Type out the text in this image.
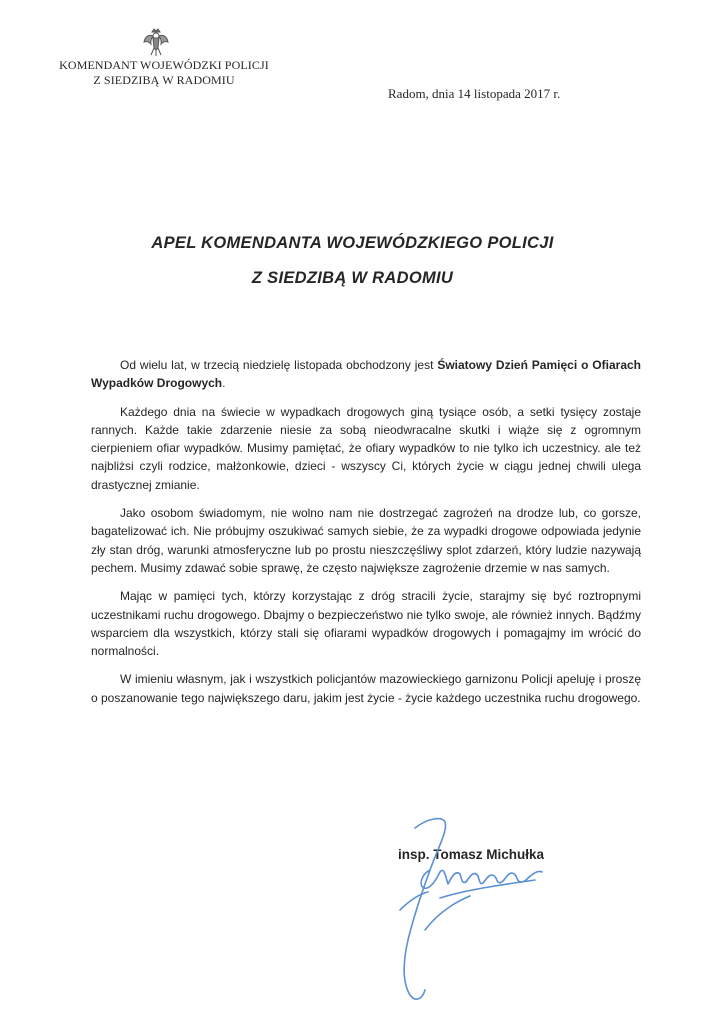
KOMENDANT WOJEWÓDZKI POLICJI
Z SIEDZIBĄ W RADOMIU
Radom, dnia 14 listopada 2017 r.
APEL KOMENDANTA WOJEWÓDZKIEGO POLICJI
Z SIEDZIBĄ W RADOMIU

Od wielu lat, w trzecią niedzielę listopada obchodzony jest Światowy Dzień Pamięci o Ofiarach Wypadków Drogowych.

Każdego dnia na świecie w wypadkach drogowych giną tysiące osób, a setki tysięcy zostaje rannych. Każde takie zdarzenie niesie za sobą nieodwracalne skutki i wiąże się z ogromnym cierpieniem ofiar wypadków. Musimy pamiętać, że ofiary wypadków to nie tylko ich uczestnicy. ale też najbliżsi czyli rodzice, małżonkowie, dzieci - wszyscy Ci, których życie w ciągu jednej chwili ulega drastycznej zmianie.

Jako osobom świadomym, nie wolno nam nie dostrzegać zagrożeń na drodze lub, co gorsze, bagatelizować ich. Nie próbujmy oszukiwać samych siebie, że za wypadki drogowe odpowiada jedynie zły stan dróg, warunki atmosferyczne lub po prostu nieszczęśliwy splot zdarzeń, który ludzie nazywają pechem. Musimy zdawać sobie sprawę, że często największe zagrożenie drzemie w nas samych.

Mając w pamięci tych, którzy korzystając z dróg stracili życie, starajmy się być roztropnymi uczestnikami ruchu drogowego. Dbajmy o bezpieczeństwo nie tylko swoje, ale również innych. Bądźmy wsparciem dla wszystkich, którzy stali się ofiarami wypadków drogowych i pomagajmy im wrócić do normalności.

W imieniu własnym, jak i wszystkich policjantów mazowieckiego garnizonu Policji apeluję i proszę o poszanowanie tego największego daru, jakim jest życie - życie każdego uczestnika ruchu drogowego.

insp. Tomasz Michułka
